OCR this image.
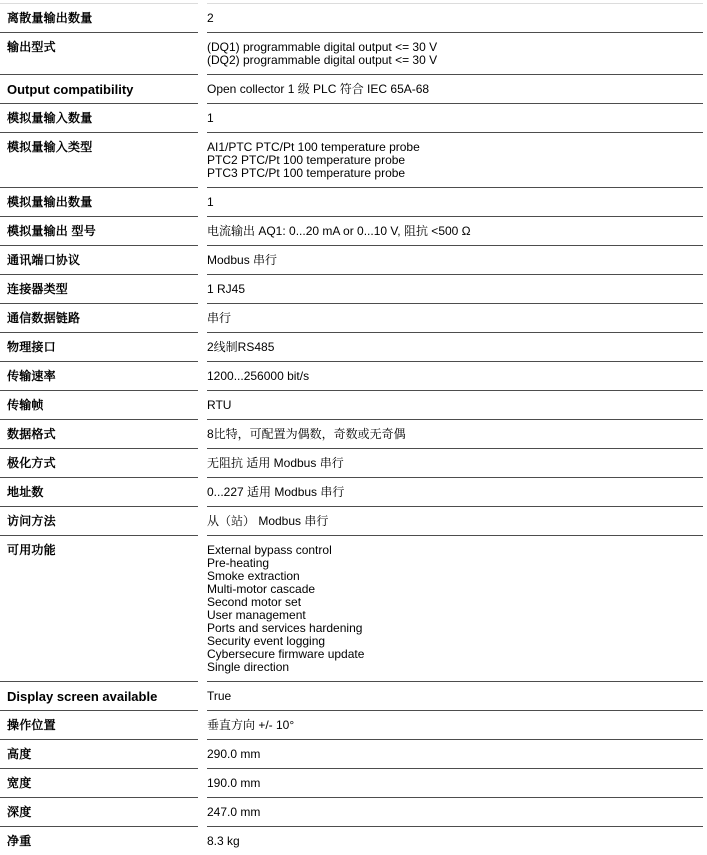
离散量输出数量	2
输出型式	(DQ1) programmable digital output <= 30 V
(DQ2) programmable digital output <= 30 V
Output compatibility	Open collector 1 级 PLC 符合 IEC 65A-68
模拟量输入数量	1
模拟量输入类型	AI1/PTC PTC/Pt 100 temperature probe
PTC2 PTC/Pt 100 temperature probe
PTC3 PTC/Pt 100 temperature probe
模拟量输出数量	1
模拟量输出 型号	电流输出 AQ1: 0...20 mA or 0...10 V, 阻抗 <500 Ω
通讯端口协议	Modbus 串行
连接器类型	1 RJ45
通信数据链路	串行
物理接口	2线制RS485
传输速率	1200...256000 bit/s
传输帧	RTU
数据格式	8比特，可配置为偶数，奇数或无奇偶
极化方式	无阻抗 适用 Modbus 串行
地址数	0...227 适用 Modbus 串行
访问方法	从（站） Modbus 串行
可用功能	External bypass control
Pre-heating
Smoke extraction
Multi-motor cascade
Second motor set
User management
Ports and services hardening
Security event logging
Cybersecure firmware update
Single direction
Display screen available	True
操作位置	垂直方向 +/- 10°
高度	290.0 mm
宽度	190.0 mm
深度	247.0 mm
净重	8.3 kg
